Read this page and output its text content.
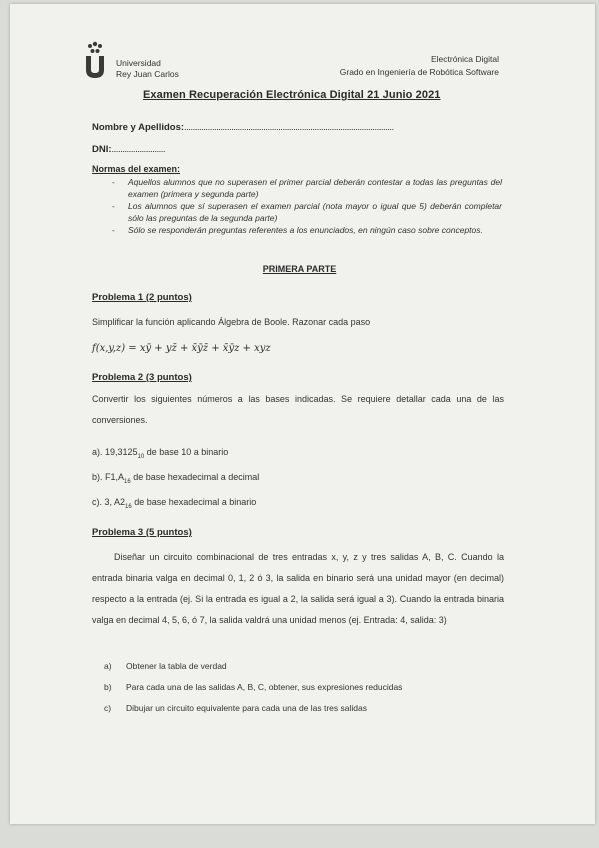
Universidad
Rey Juan Carlos
Electrónica Digital
Grado en Ingeniería de Robótica Software
Examen Recuperación Electrónica Digital 21 Junio 2021
Nombre y Apellidos:..................................................................................................
DNI:.........................
Normas del examen:
- Aquellos alumnos que no superasen el primer parcial deberán contestar a todas las preguntas del examen (primera y segunda parte)
- Los alumnos que sí superasen el examen parcial (nota mayor o igual que 5) deberán completar sólo las preguntas de la segunda parte)
- Sólo se responderán preguntas referentes a los enunciados, en ningún caso sobre conceptos.
PRIMERA PARTE
Problema 1 (2 puntos)
Simplificar la función aplicando Álgebra de Boole. Razonar cada paso
f(x,y,z) = xȳ + yz̄ + x̄ȳz̄ + x̄ȳz + xyz
Problema 2 (3 puntos)
Convertir los siguientes números a las bases indicadas. Se requiere detallar cada una de las conversiones.
a). $19,3125_{10}$ de base 10 a binario
b). $F1,A_{16}$ de base hexadecimal a decimal
c). 3, $A2_{16}$ de base hexadecimal a binario
Problema 3 (5 puntos)
Diseñar un circuito combinacional de tres entradas x, y, z y tres salidas A, B, C. Cuando la entrada binaria valga en decimal 0, 1, 2 ó 3, la salida en binario será una unidad mayor (en decimal) respecto a la entrada (ej. Si la entrada es igual a 2, la salida será igual a 3). Cuando la entrada binaria valga en decimal 4, 5, 6, ó 7, la salida valdrá una unidad menos (ej. Entrada: 4, salida: 3)
a) Obtener la tabla de verdad
b) Para cada una de las salidas A, B, C, obtener, sus expresiones reducidas
c) Dibujar un circuito equivalente para cada una de las tres salidas
